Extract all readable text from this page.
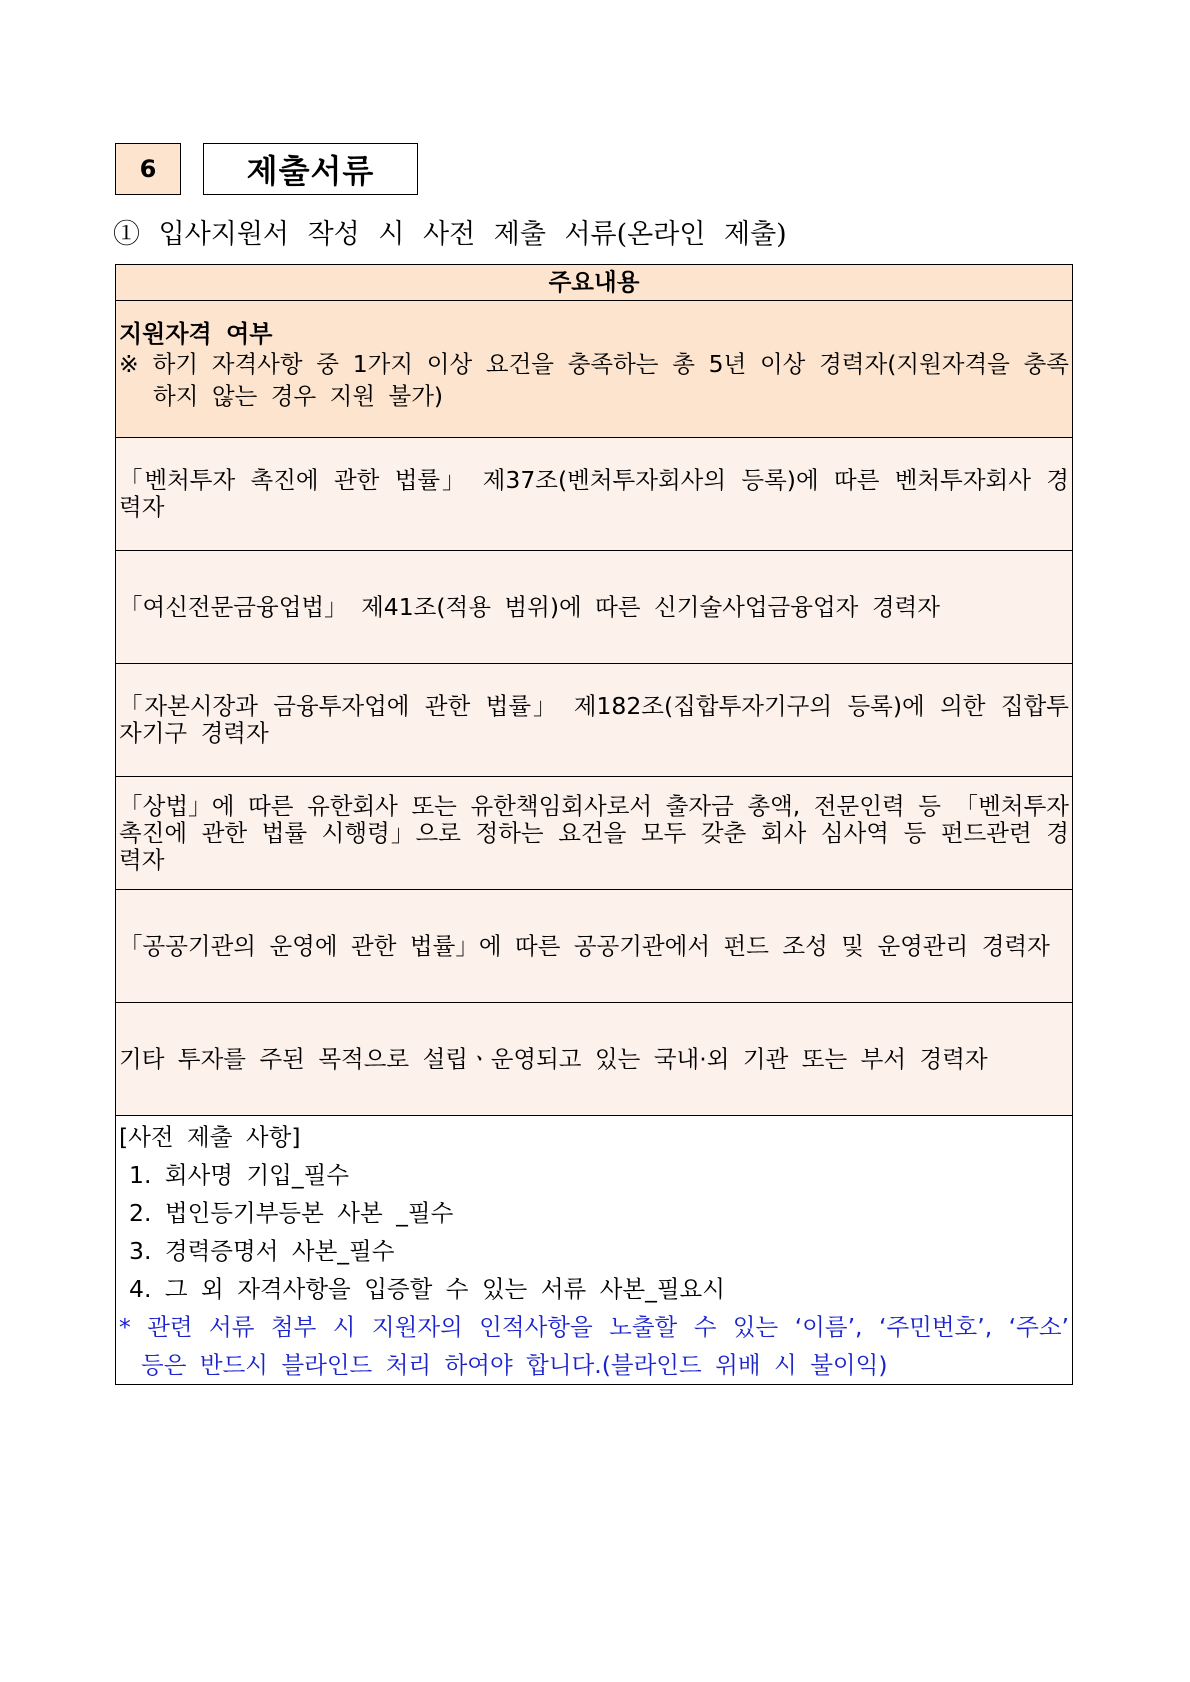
6	제출서류
① 입사지원서 작성 시 사전 제출 서류(온라인 제출)
주요내용

지원자격 여부
※ 하기 자격사항 중 1가지 이상 요건을 충족하는 총 5년 이상 경력자(지원자격을 충족하지 않는 경우 지원 불가)

「벤처투자 촉진에 관한 법률」 제37조(벤처투자회사의 등록)에 따른 벤처투자회사 경력자

「여신전문금융업법」 제41조(적용 범위)에 따른 신기술사업금융업자 경력자

「자본시장과 금융투자업에 관한 법률」 제182조(집합투자기구의 등록)에 의한 집합투자기구 경력자

「상법」에 따른 유한회사 또는 유한책임회사로서 출자금 총액, 전문인력 등 「벤처투자 촉진에 관한 법률 시행령」으로 정하는 요건을 모두 갖춘 회사 심사역 등 펀드관련 경력자

「공공기관의 운영에 관한 법률」에 따른 공공기관에서 펀드 조성 및 운영관리 경력자

기타 투자를 주된 목적으로 설립ㆍ운영되고 있는 국내·외 기관 또는 부서 경력자

[사전 제출 사항]
1. 회사명 기입_필수
2. 법인등기부등본 사본 _필수
3. 경력증명서 사본_필수
4. 그 외 자격사항을 입증할 수 있는 서류 사본_필요시
* 관련 서류 첨부 시 지원자의 인적사항을 노출할 수 있는 ‘이름’, ‘주민번호’, ‘주소’ 등은 반드시 블라인드 처리 하여야 합니다.(블라인드 위배 시 불이익)
